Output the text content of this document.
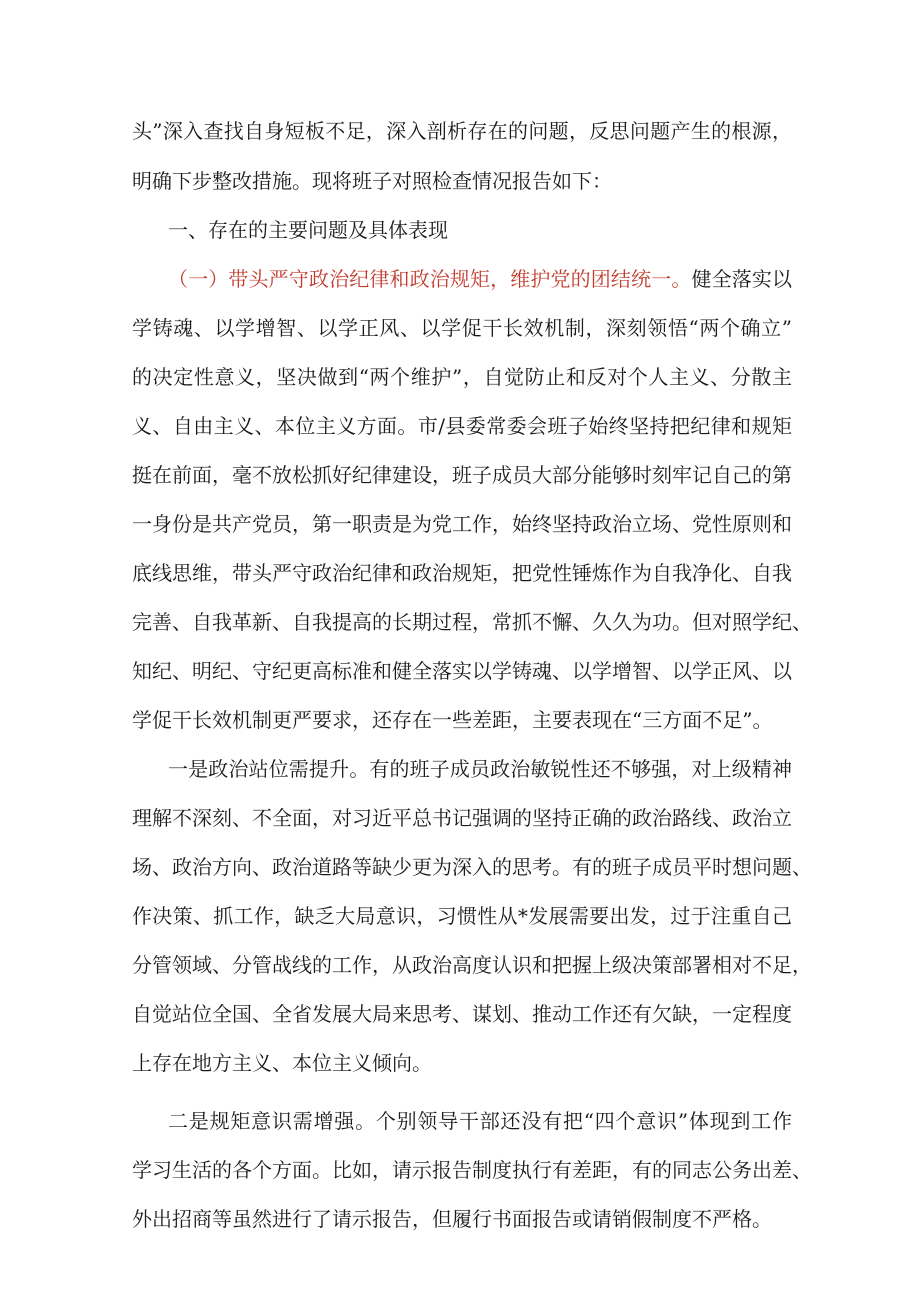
头”深入查找自身短板不足，深入剖析存在的问题，反思问题产生的根源，
明确下步整改措施。现将班子对照检查情况报告如下：
一、存在的主要问题及具体表现
（一）带头严守政治纪律和政治规矩，维护党的团结统一。健全落实以
学铸魂、以学增智、以学正风、以学促干长效机制，深刻领悟“两个确立”
的决定性意义，坚决做到“两个维护”，自觉防止和反对个人主义、分散主
义、自由主义、本位主义方面。市/县委常委会班子始终坚持把纪律和规矩
挺在前面，毫不放松抓好纪律建设，班子成员大部分能够时刻牢记自己的第
一身份是共产党员，第一职责是为党工作，始终坚持政治立场、党性原则和
底线思维，带头严守政治纪律和政治规矩，把党性锤炼作为自我净化、自我
完善、自我革新、自我提高的长期过程，常抓不懈、久久为功。但对照学纪、
知纪、明纪、守纪更高标准和健全落实以学铸魂、以学增智、以学正风、以
学促干长效机制更严要求，还存在一些差距，主要表现在“三方面不足”。
一是政治站位需提升。有的班子成员政治敏锐性还不够强，对上级精神
理解不深刻、不全面，对习近平总书记强调的坚持正确的政治路线、政治立
场、政治方向、政治道路等缺少更为深入的思考。有的班子成员平时想问题、
作决策、抓工作，缺乏大局意识，习惯性从*发展需要出发，过于注重自己
分管领域、分管战线的工作，从政治高度认识和把握上级决策部署相对不足，
自觉站位全国、全省发展大局来思考、谋划、推动工作还有欠缺，一定程度
上存在地方主义、本位主义倾向。
二是规矩意识需增强。个别领导干部还没有把“四个意识”体现到工作
学习生活的各个方面。比如，请示报告制度执行有差距，有的同志公务出差、
外出招商等虽然进行了请示报告，但履行书面报告或请销假制度不严格。
